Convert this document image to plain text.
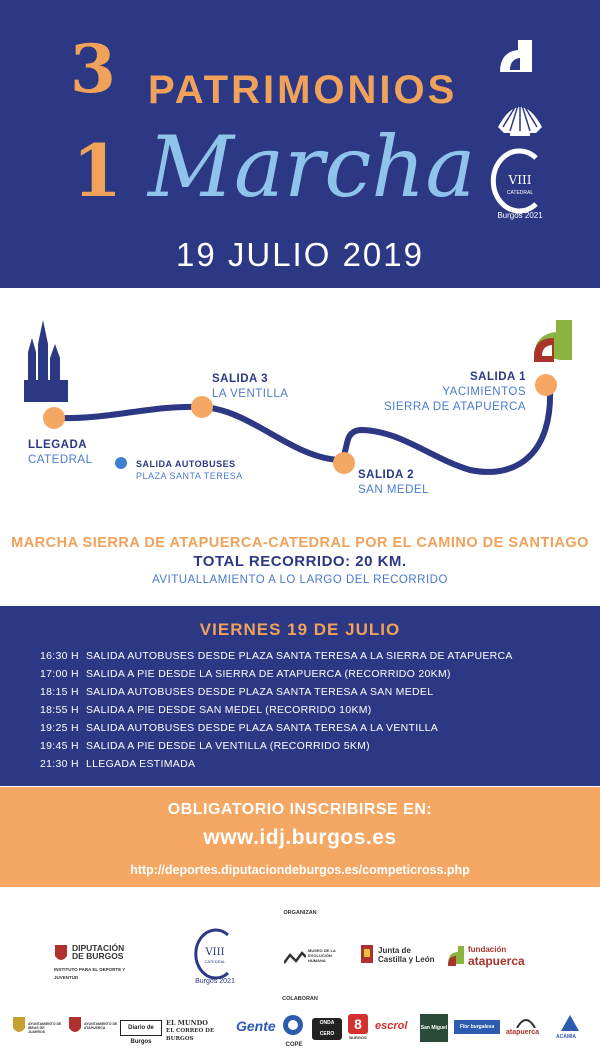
3 PATRIMONIOS
1 Marcha
19 JULIO 2019

VIII
CATEDRAL
Burgos 2021
LLEGADA
CATEDRAL	SALIDA AUTOBUSES
PLAZA SANTA TERESA
SALIDA 3
LA VENTILLA
SALIDA 2
SAN MEDEL
SALIDA 1
YACIMIENTOS
SIERRA DE ATAPUERCA
MARCHA SIERRA DE ATAPUERCA-CATEDRAL POR EL CAMINO DE SANTIAGO
TOTAL RECORRIDO: 20 KM.
AVITUALLAMIENTO A LO LARGO DEL RECORRIDO
VIERNES 19 DE JULIO
16:30 H SALIDA AUTOBUSES DESDE PLAZA SANTA TERESA A LA SIERRA DE ATAPUERCA
17:00 H SALIDA A PIE DESDE LA SIERRA DE ATAPUERCA (RECORRIDO 20KM)
18:15 H SALIDA AUTOBUSES DESDE PLAZA SANTA TERESA A SAN MEDEL
18:55 H SALIDA A PIE DESDE SAN MEDEL (RECORRIDO 10KM)
19:25 H SALIDA AUTOBUSES DESDE PLAZA SANTA TERESA A LA VENTILLA
19:45 H SALIDA A PIE DESDE LA VENTILLA (RECORRIDO 5KM)
21:30 H LLEGADA ESTIMADA
OBLIGATORIO INSCRIBIRSE EN:
www.idj.burgos.es
http://deportes.diputaciondeburgos.es/competicross.php
ORGANIZAN
DIPUTACIÓN DE BURGOS
INSTITUTO PARA EL DEPORTE Y JUVENTUD
VIII
CATEDRAL
Burgos 2021
MUSEO DE LA EVOLUCIÓN HUMANA
Junta de Castilla y León
fundación
atapuerca
COLABORAN
AYUNTAMIENTO DE IBEAS DE JUARROS
AYUNTAMIENTO DE ATAPUERCA	Diario de Burgos
EL MUNDO
EL CORREO DE BURGOS
Gente
COPE
ONDA CERO
8
BURGOS
escrol	San Miguel	Flor burgalesa
atapuerca
ACAMIA
